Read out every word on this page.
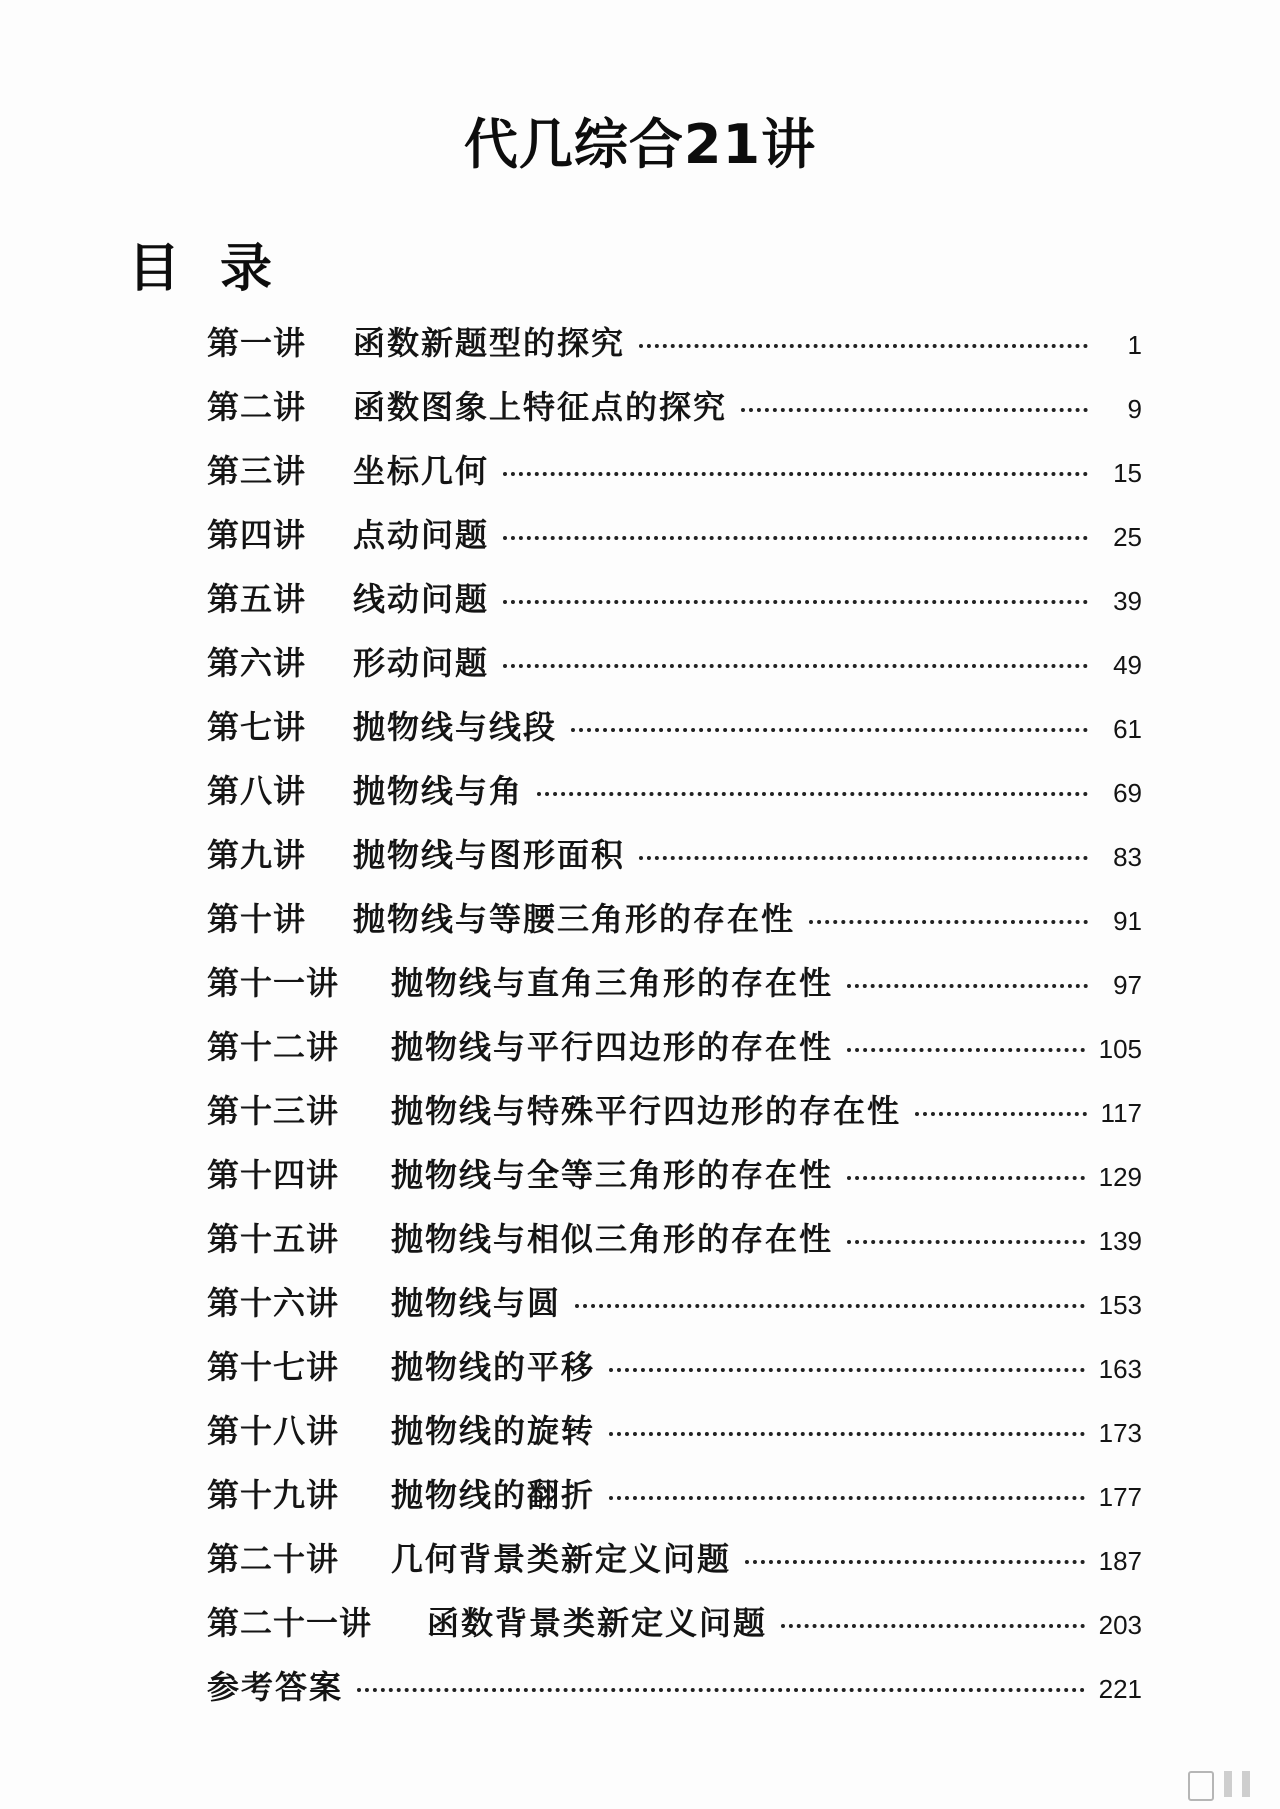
代几综合21讲
目录
第一讲	函数新题型的探究	1
第二讲	函数图象上特征点的探究	9
第三讲	坐标几何	15
第四讲	点动问题	25
第五讲	线动问题	39
第六讲	形动问题	49
第七讲	抛物线与线段	61
第八讲	抛物线与角	69
第九讲	抛物线与图形面积	83
第十讲	抛物线与等腰三角形的存在性	91
第十一讲	抛物线与直角三角形的存在性	97
第十二讲	抛物线与平行四边形的存在性	105
第十三讲	抛物线与特殊平行四边形的存在性	117
第十四讲	抛物线与全等三角形的存在性	129
第十五讲	抛物线与相似三角形的存在性	139
第十六讲	抛物线与圆	153
第十七讲	抛物线的平移	163
第十八讲	抛物线的旋转	173
第十九讲	抛物线的翻折	177
第二十讲	几何背景类新定义问题	187
第二十一讲	函数背景类新定义问题	203
参考答案	221
